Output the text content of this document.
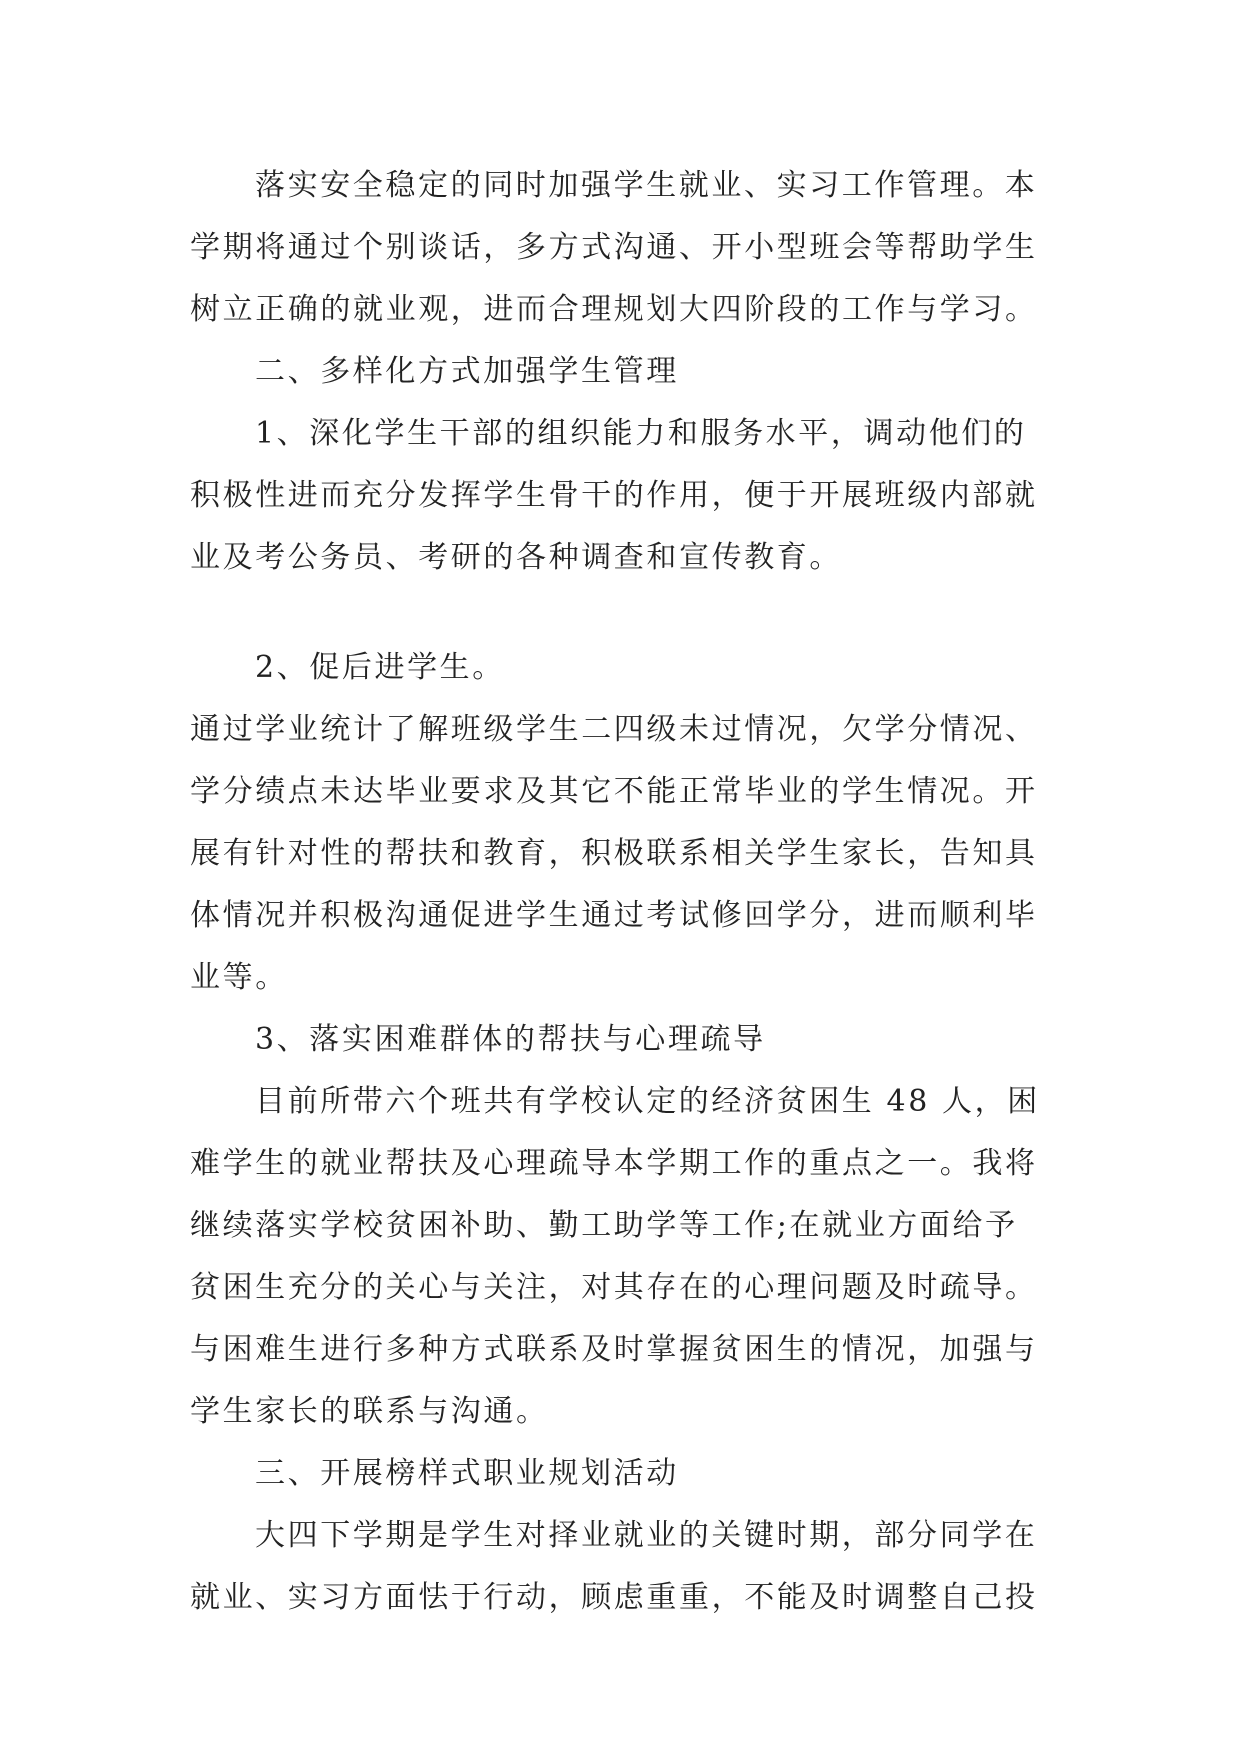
落实安全稳定的同时加强学生就业、实习工作管理。本
学期将通过个别谈话，多方式沟通、开小型班会等帮助学生
树立正确的就业观，进而合理规划大四阶段的工作与学习。
二、多样化方式加强学生管理
1、深化学生干部的组织能力和服务水平，调动他们的
积极性进而充分发挥学生骨干的作用，便于开展班级内部就
业及考公务员、考研的各种调查和宣传教育。
2、促后进学生。
通过学业统计了解班级学生二四级未过情况，欠学分情况、
学分绩点未达毕业要求及其它不能正常毕业的学生情况。开
展有针对性的帮扶和教育，积极联系相关学生家长，告知具
体情况并积极沟通促进学生通过考试修回学分，进而顺利毕
业等。
3、落实困难群体的帮扶与心理疏导
目前所带六个班共有学校认定的经济贫困生 48 人，困
难学生的就业帮扶及心理疏导本学期工作的重点之一。我将
继续落实学校贫困补助、勤工助学等工作;在就业方面给予
贫困生充分的关心与关注，对其存在的心理问题及时疏导。
与困难生进行多种方式联系及时掌握贫困生的情况，加强与
学生家长的联系与沟通。
三、开展榜样式职业规划活动
大四下学期是学生对择业就业的关键时期，部分同学在
就业、实习方面怯于行动，顾虑重重，不能及时调整自己投
